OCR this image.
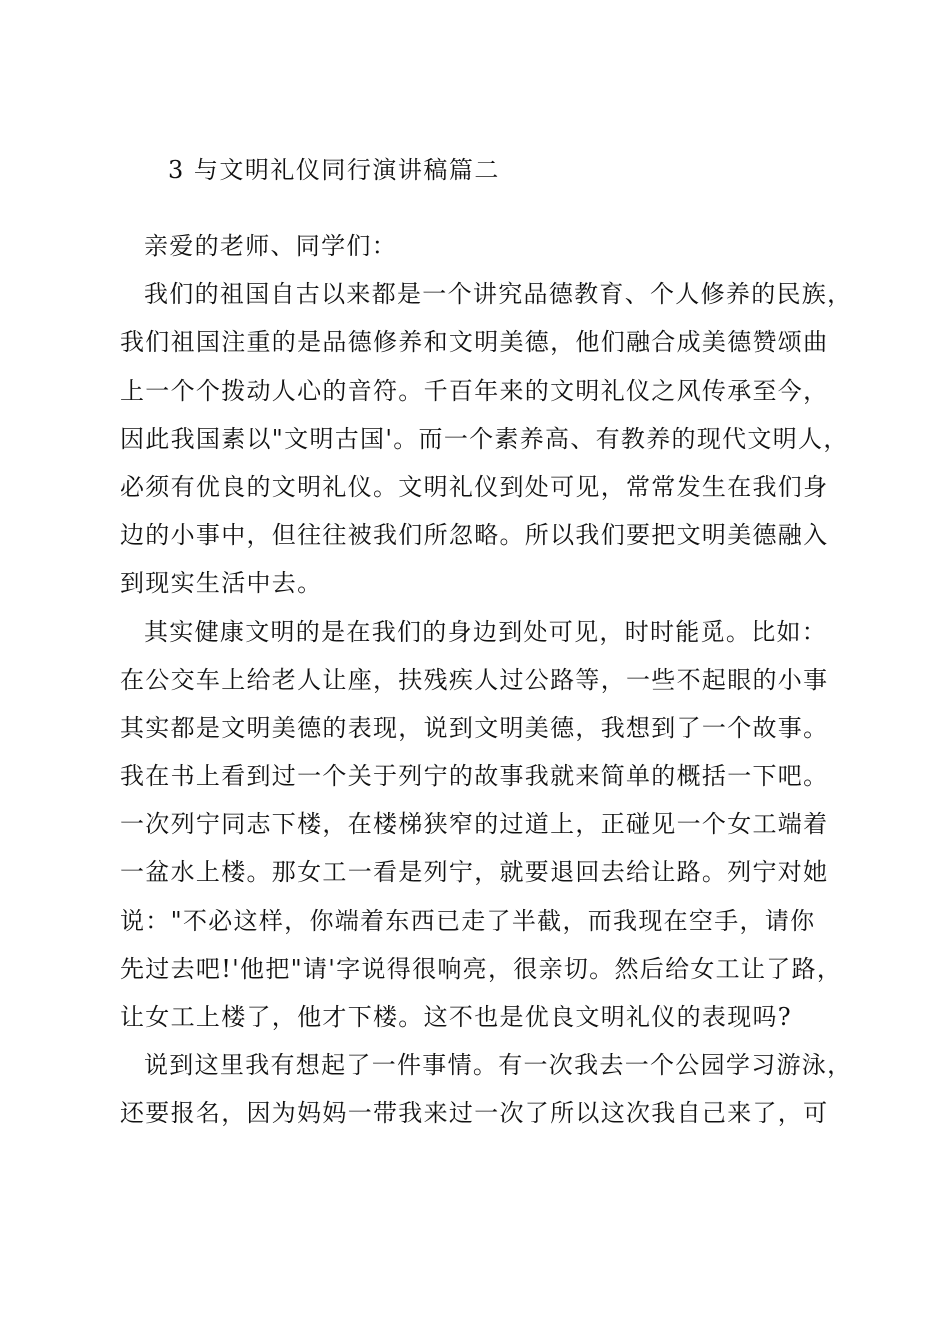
3 与文明礼仪同行演讲稿篇二
亲爱的老师、同学们：
我们的祖国自古以来都是一个讲究品德教育、个人修养的民族，
我们祖国注重的是品德修养和文明美德，他们融合成美德赞颂曲
上一个个拨动人心的音符。千百年来的文明礼仪之风传承至今，
因此我国素以"文明古国'。而一个素养高、有教养的现代文明人，
必须有优良的文明礼仪。文明礼仪到处可见，常常发生在我们身
边的小事中，但往往被我们所忽略。所以我们要把文明美德融入
到现实生活中去。
其实健康文明的是在我们的身边到处可见，时时能觅。比如：
在公交车上给老人让座，扶残疾人过公路等，一些不起眼的小事
其实都是文明美德的表现，说到文明美德，我想到了一个故事。
我在书上看到过一个关于列宁的故事我就来简单的概括一下吧。
一次列宁同志下楼，在楼梯狭窄的过道上，正碰见一个女工端着
一盆水上楼。那女工一看是列宁，就要退回去给让路。列宁对她
说："不必这样，你端着东西已走了半截，而我现在空手，请你
先过去吧!'他把"请'字说得很响亮，很亲切。然后给女工让了路，
让女工上楼了，他才下楼。这不也是优良文明礼仪的表现吗?
说到这里我有想起了一件事情。有一次我去一个公园学习游泳，
还要报名，因为妈妈一带我来过一次了所以这次我自己来了，可
